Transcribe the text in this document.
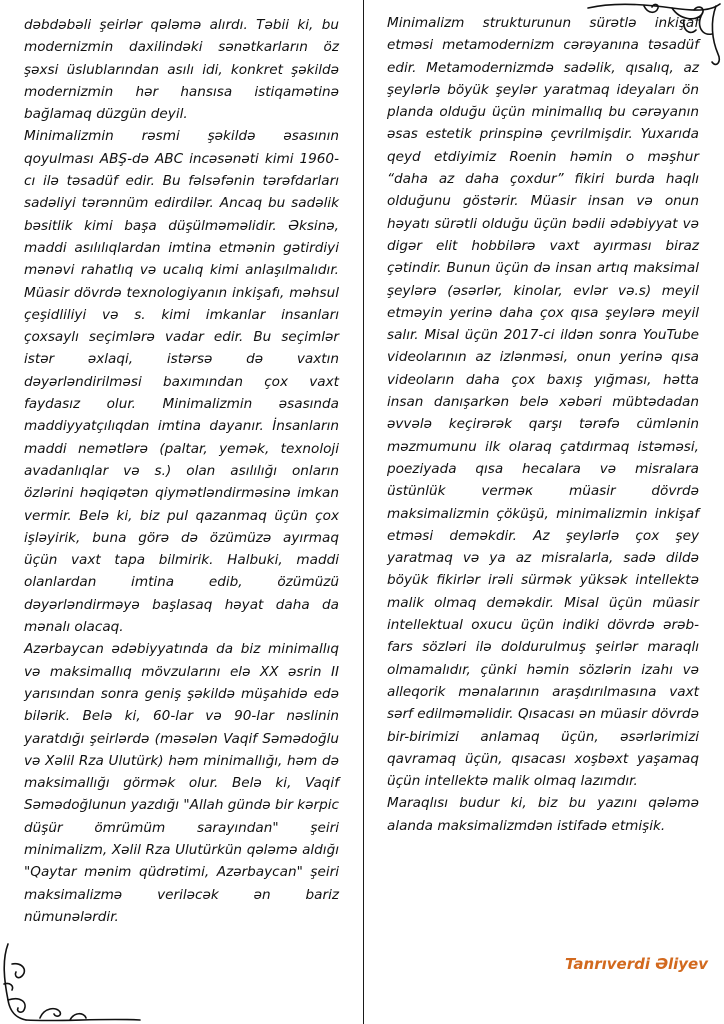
dəbdəbəli şeirlər qələmə alırdı. Təbii ki, bu modernizmin daxilindəki sənətkarların öz şəxsi üslublarından asılı idi, konkret şəkildə modernizmin hər hansısa istiqamətinə bağlamaq düzgün deyil.

Minimalizmin rəsmi şəkildə əsasının qoyulması ABŞ-də ABC incəsənəti kimi 1960-cı ilə təsadüf edir. Bu fəlsəfənin tərəfdarları sadəliyi tərənnüm edirdilər. Ancaq bu sadəlik bəsitlik kimi başa düşülməməlidir. Əksinə, maddi asılılıqlardan imtina etmənin gətirdiyi mənəvi rahatlıq və ucalıq kimi anlaşılmalıdır. Müasir dövrdə texnologiyanın inkişafı, məhsul çeşidliliyi və s. kimi imkanlar insanları çoxsaylı seçimlərə vadar edir. Bu seçimlər istər əxlaqi, istərsə də vaxtın dəyərləndirilməsi baxımından çox vaxt faydasız olur. Minimalizmin əsasında maddiyyatçılıqdan imtina dayanır. İnsanların maddi nemətlərə (paltar, yemək, texnoloji avadanlıqlar və s.) olan asılılığı onların özlərini həqiqətən qiymətləndirməsinə imkan vermir. Belə ki, biz pul qazanmaq üçün çox işləyirik, buna görə də özümüzə ayırmaq üçün vaxt tapa bilmirik. Halbuki, maddi olanlardan imtina edib, özümüzü dəyərləndirməyə başlasaq həyat daha da mənalı olacaq.

Azərbaycan ədəbiyyatında da biz minimallıq və maksimallıq mövzularını elə XX əsrin II yarısından sonra geniş şəkildə müşahidə edə bilərik. Belə ki, 60-lar və 90-lar nəslinin yaratdığı şeirlərdə (məsələn Vaqif Səmədoğlu və Xəlil Rza Ulutürk) həm minimallığı, həm də maksimallığı görmək olur. Belə ki, Vaqif Səmədoğlunun yazdığı "Allah gündə bir kərpic düşür ömrümüm sarayından" şeiri minimalizm, Xəlil Rza Ulutürkün qələmə aldığı "Qaytar mənim qüdrətimi, Azərbaycan" şeiri maksimalizmə veriləcək ən bariz nümunələrdir.

Minimalizm strukturunun sürətlə inkişaf etməsi metamodernizm cərəyanına təsadüf edir. Metamodernizmdə sadəlik, qısalıq, az şeylərlə böyük şeylər yaratmaq ideyaları ön planda olduğu üçün minimallıq bu cərəyanın əsas estetik prinspinə çevrilmişdir. Yuxarıda qeyd etdiyimiz Roenin həmin o məşhur “daha az daha çoxdur” fikiri burda haqlı olduğunu göstərir. Müasir insan və onun həyatı sürətli olduğu üçün bədii ədəbiyyat və digər elit hobbilərə vaxt ayırması biraz çətindir. Bunun üçün də insan artıq maksimal şeylərə (əsərlər, kinolar, evlər və.s) meyil etməyin yerinə daha çox qısa şeylərə meyil salır. Misal üçün 2017-ci ildən sonra YouTube videolarının az izlənməsi, onun yerinə qısa videoların daha çox baxış yığması, hətta insan danışarkən belə xəbəri mübtədadan əvvələ keçirərək qarşı tərəfə cümlənin məzmumunu ilk olaraq çatdırmaq istəməsi, poeziyada qısa hecalara və misralara üstünlük verməк müasir dövrdə maksimalizmin çöküşü, minimalizmin inkişaf etməsi deməkdir. Az şeylərlə çox şey yaratmaq və ya az misralarla, sadə dildə böyük fikirlər irəli sürmək yüksək intellektə malik olmaq deməkdir. Misal üçün müasir intellektual oxucu üçün indiki dövrdə ərəb-fars sözləri ilə doldurulmuş şeirlər maraqlı olmamalıdır, çünki həmin sözlərin izahı və alleqorik mənalarının araşdırılmasına vaxt sərf edilməməlidir. Qısacası ən müasir dövrdə bir-birimizi anlamaq üçün, əsərlərimizi qavramaq üçün, qısacası xoşbəxt yaşamaq üçün intellektə malik olmaq lazımdır.

Maraqlısı budur ki, biz bu yazını qələmə alanda maksimalizmdən istifadə etmişik.

Tanrıverdi Əliyev
